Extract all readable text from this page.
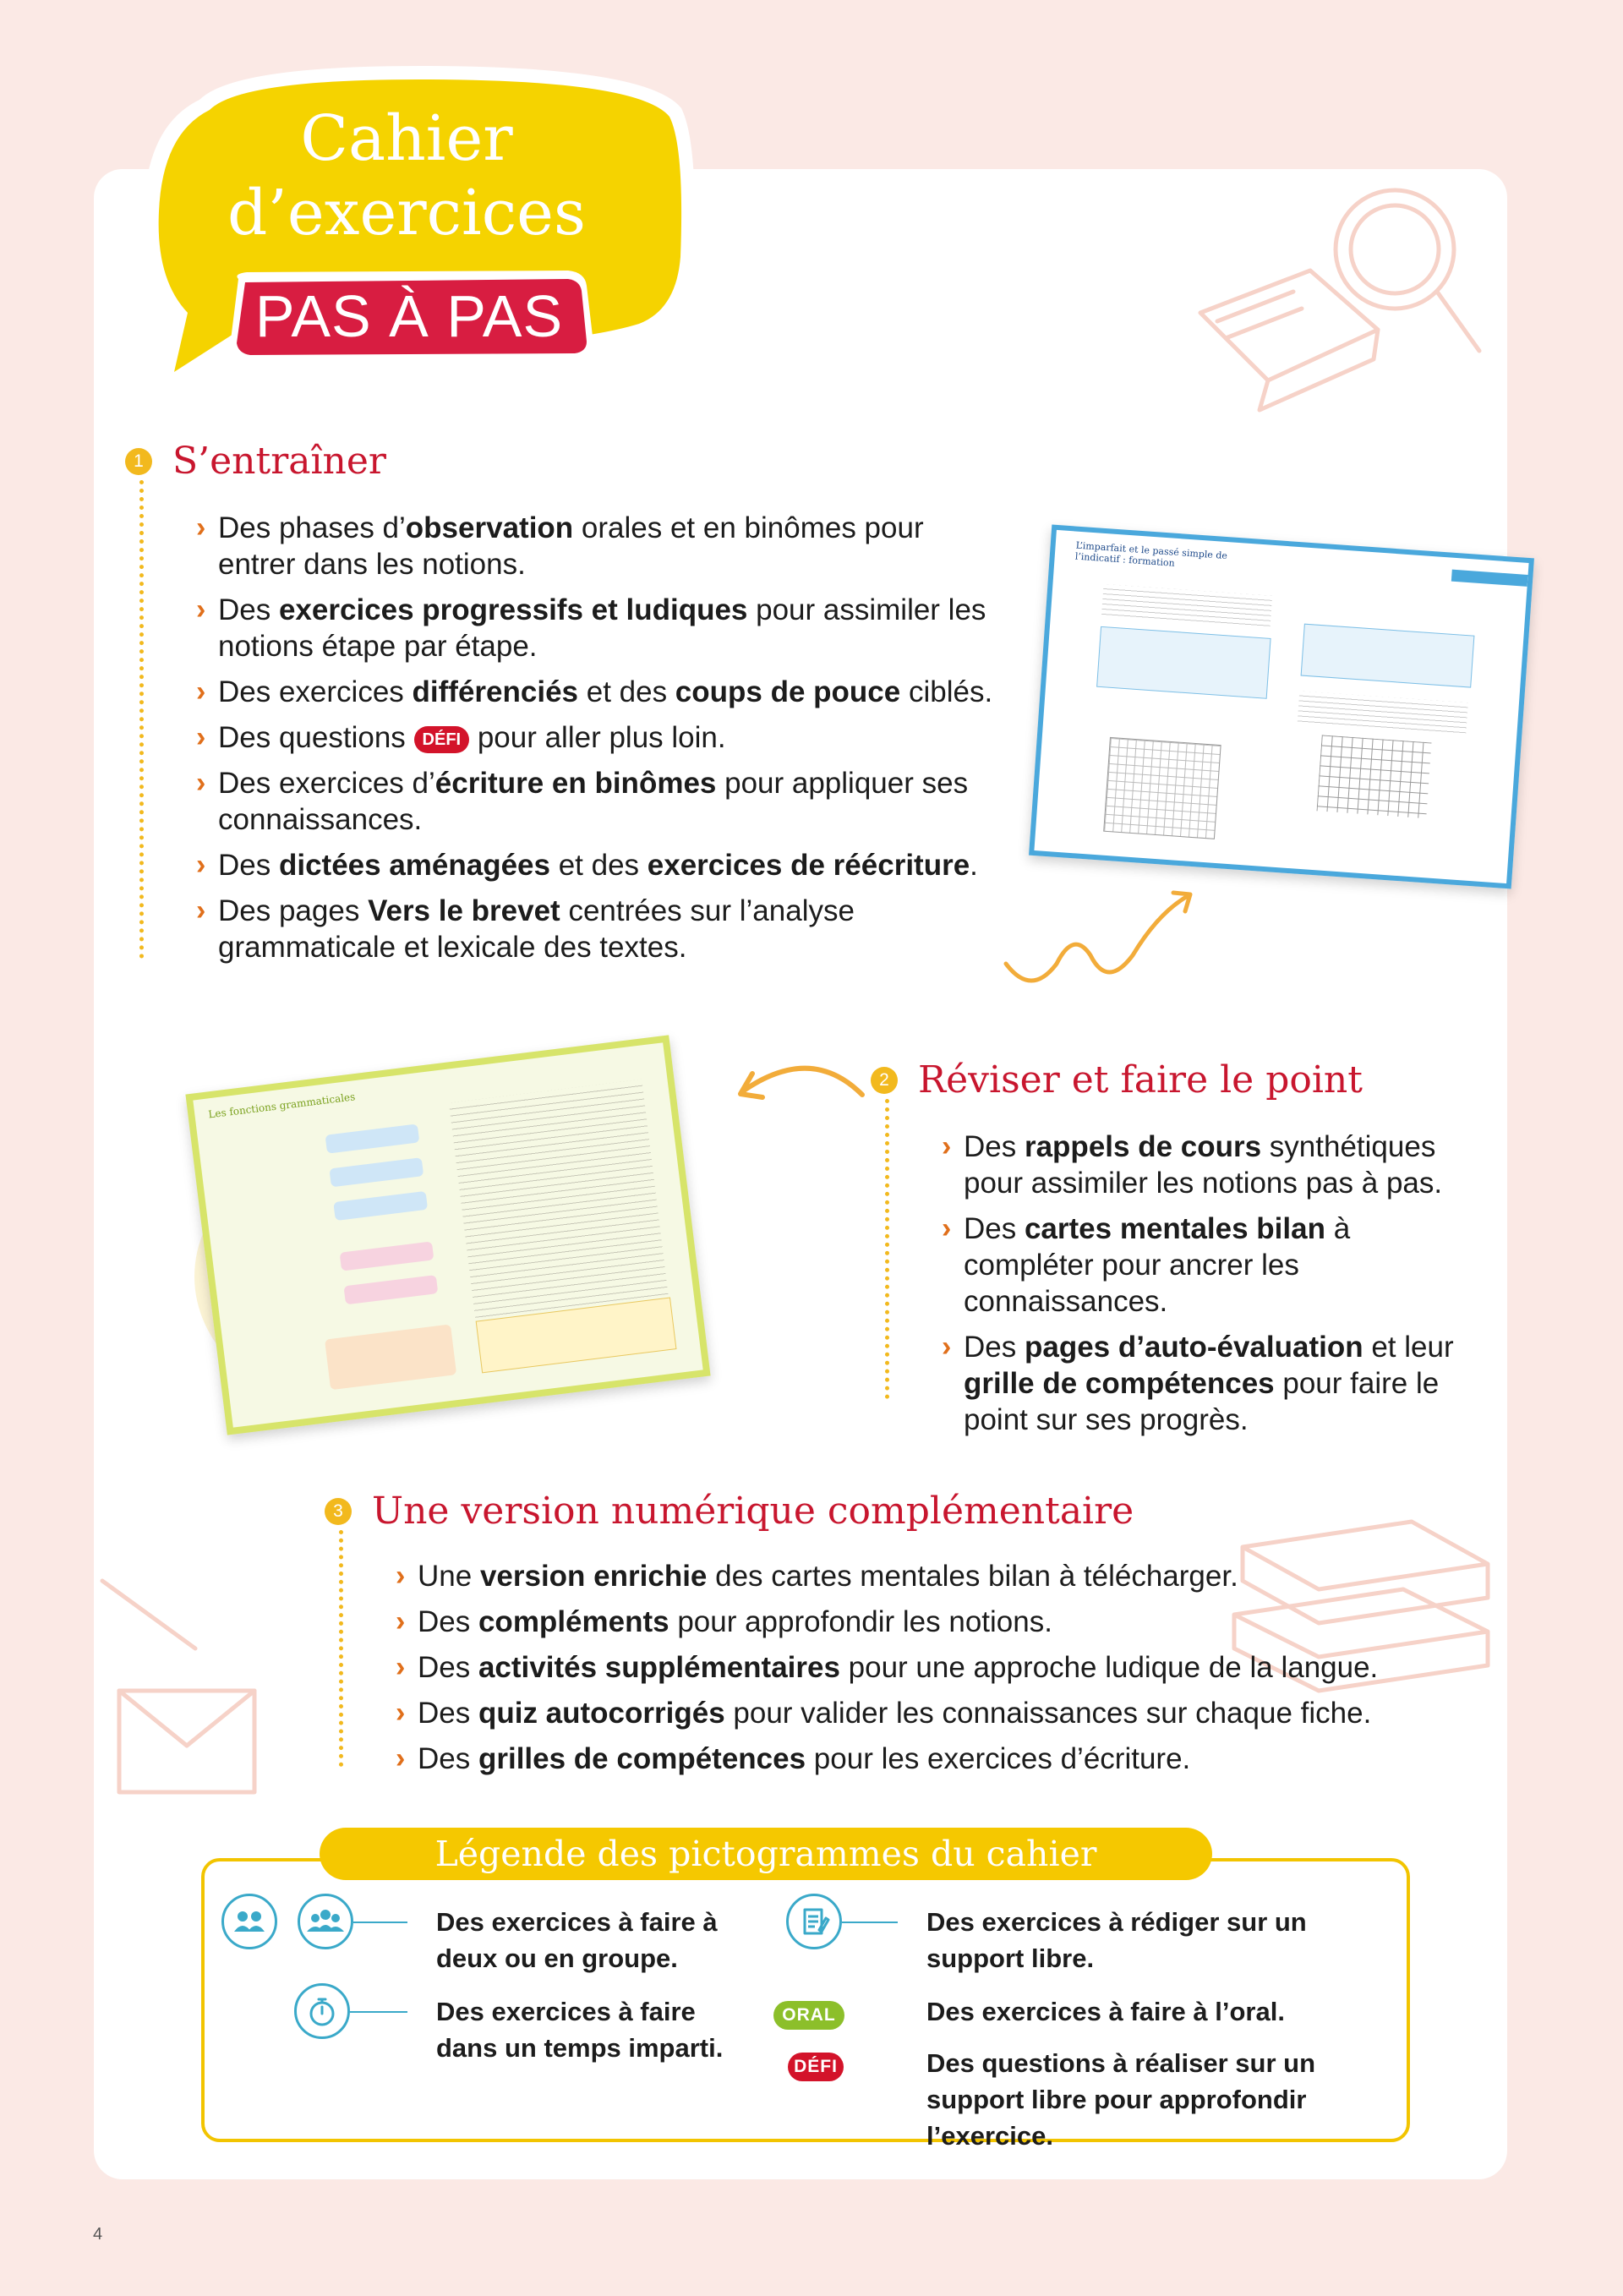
Cahier
d’exercices
PAS À PAS
1 S’entraîner
› Des phases d’observation orales et en binômes pour entrer dans les notions.
› Des exercices progressifs et ludiques pour assimiler les notions étape par étape.
› Des exercices différenciés et des coups de pouce ciblés.
› Des questions DÉFI pour aller plus loin.
› Des exercices d’écriture en binômes pour appliquer ses connaissances.
› Des dictées aménagées et des exercices de réécriture.
› Des pages Vers le brevet centrées sur l’analyse grammaticale et lexicale des textes.
L’imparfait et le passé simple de l’indicatif : formation
Les fonctions grammaticales
2 Réviser et faire le point
› Des rappels de cours synthétiques pour assimiler les notions pas à pas.
› Des cartes mentales bilan à compléter pour ancrer les connaissances.
› Des pages d’auto-évaluation et leur grille de compétences pour faire le point sur ses progrès.
3 Une version numérique complémentaire
› Une version enrichie des cartes mentales bilan à télécharger.
› Des compléments pour approfondir les notions.
› Des activités supplémentaires pour une approche ludique de la langue.
› Des quiz autocorrigés pour valider les connaissances sur chaque fiche.
› Des grilles de compétences pour les exercices d’écriture.
Légende des pictogrammes du cahier
Des exercices à faire à deux ou en groupe.
Des exercices à faire dans un temps imparti.
Des exercices à rédiger sur un support libre.
ORAL	Des exercices à faire à l’oral.
DÉFI	Des questions à réaliser sur un support libre pour approfondir l’exercice.
4
